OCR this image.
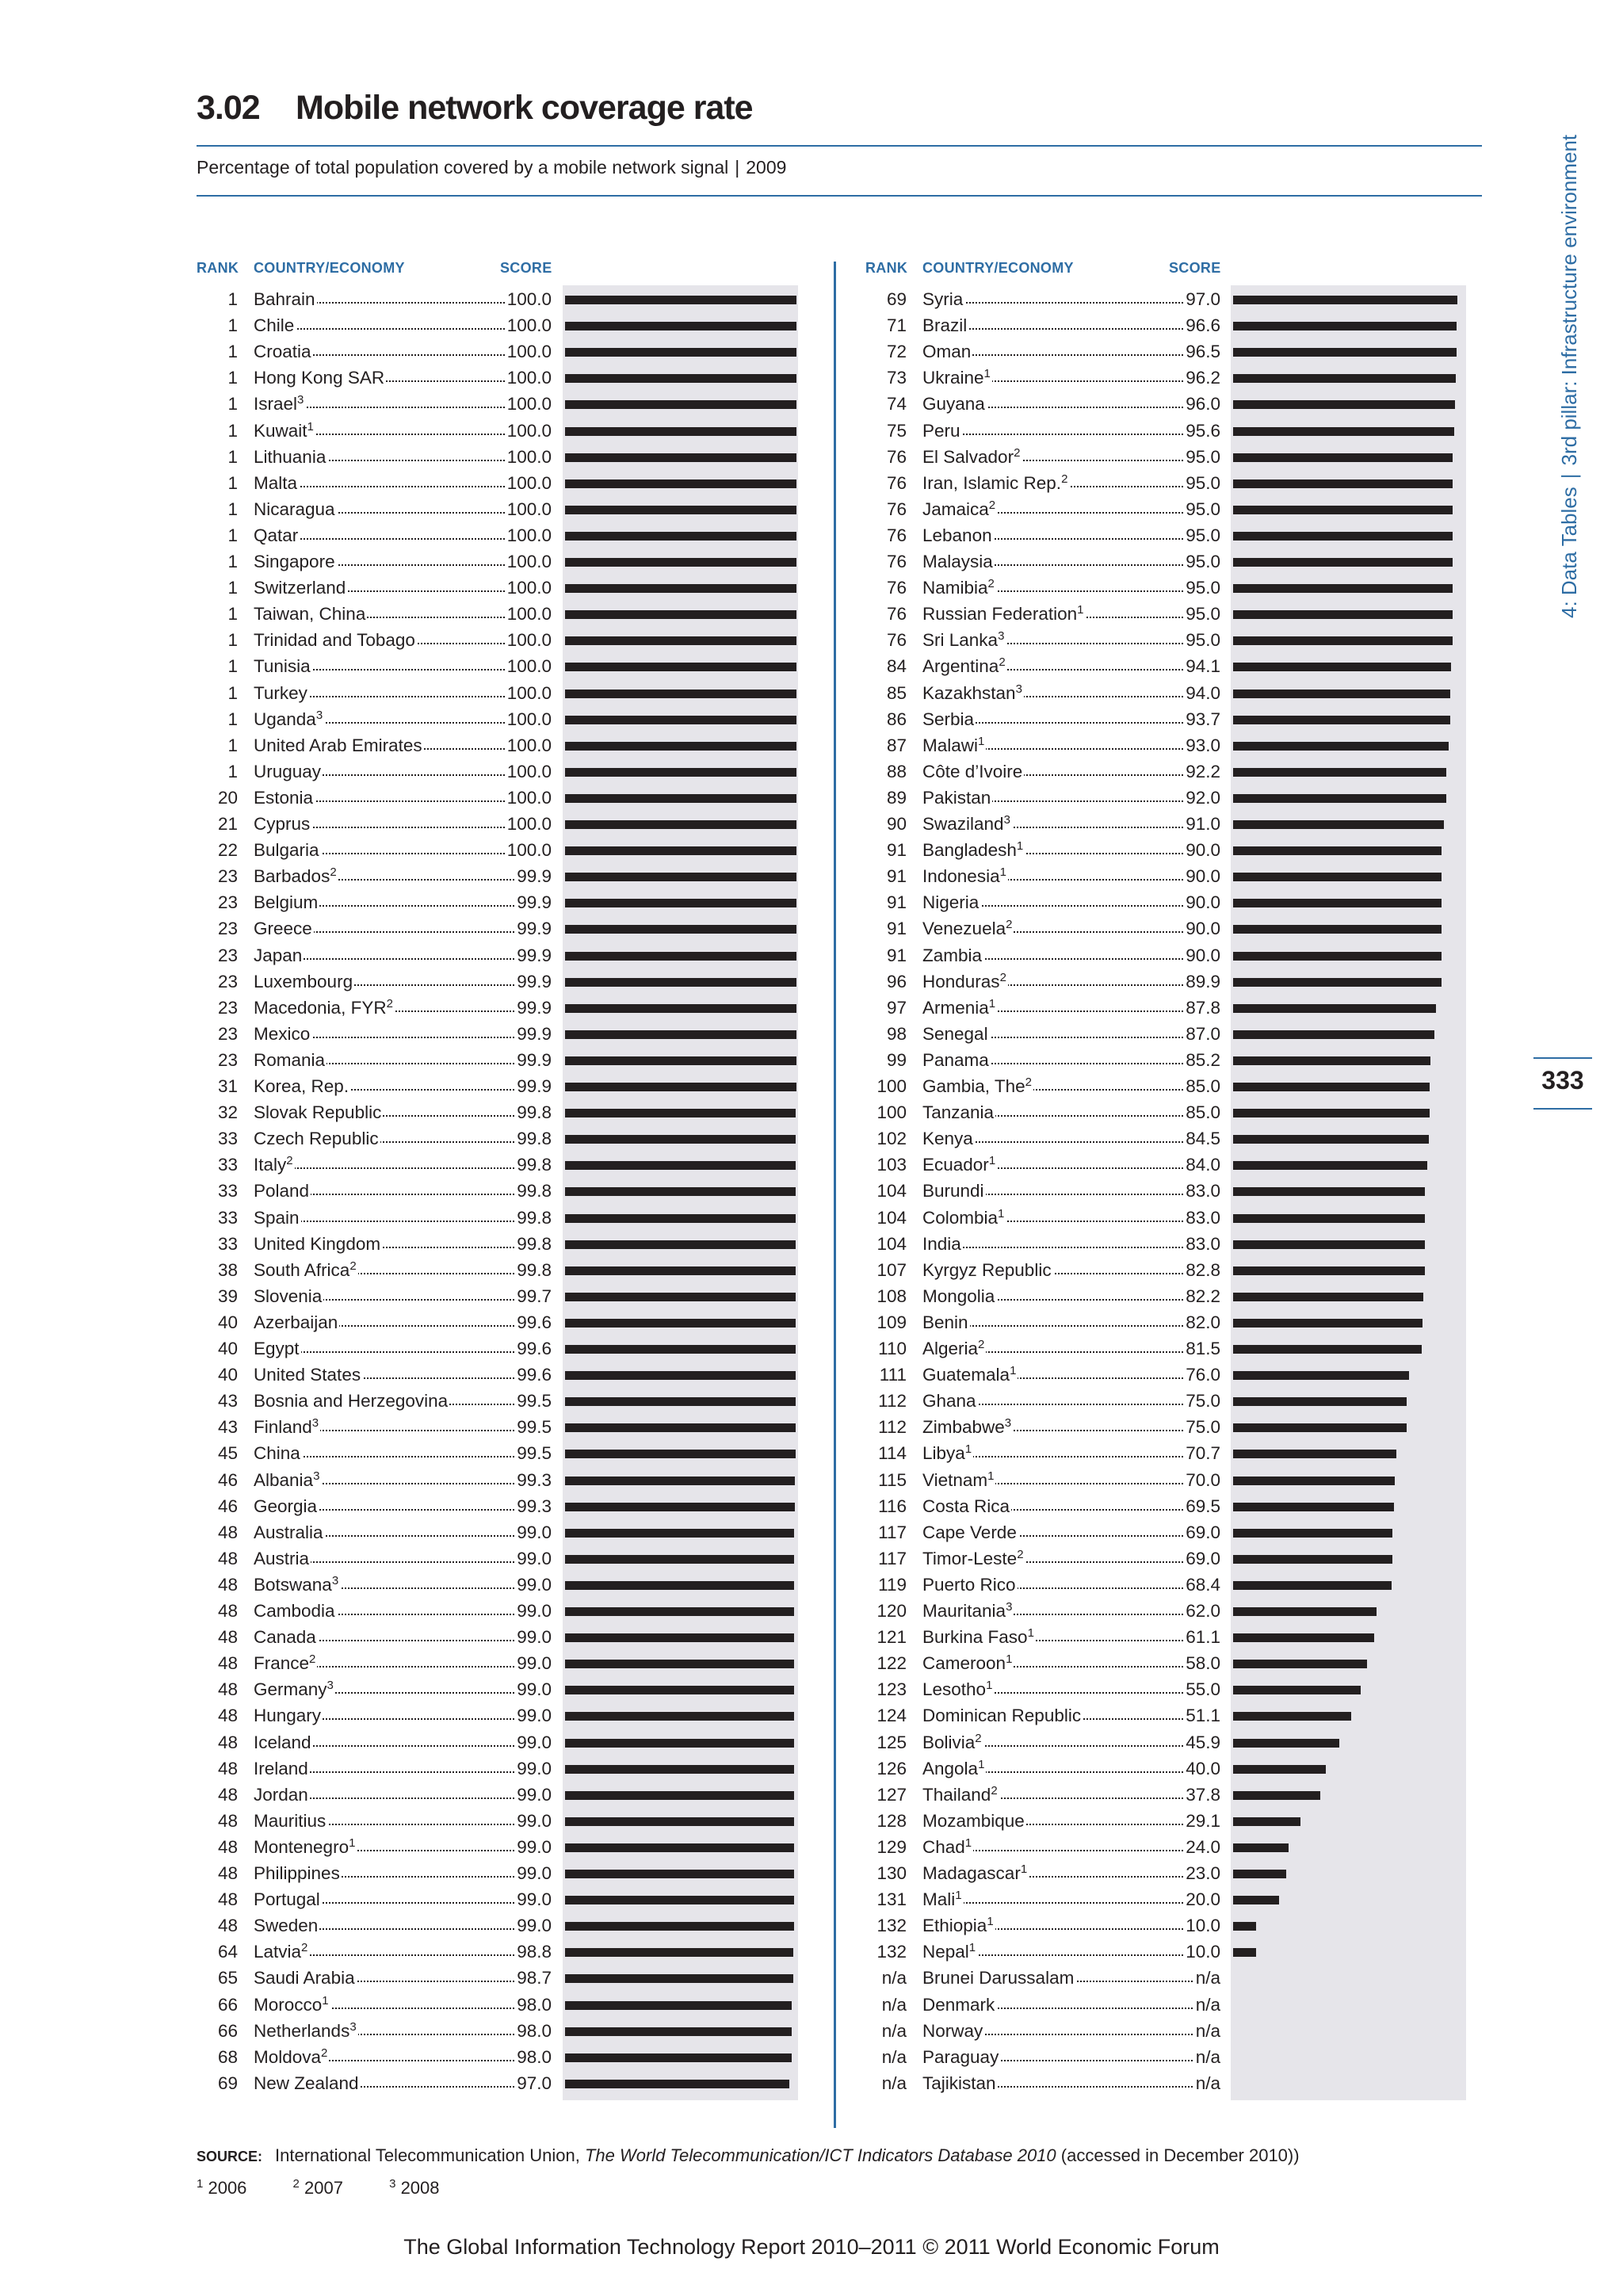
3.02 Mobile network coverage rate
Percentage of total population covered by a mobile network signal | 2009
RANK COUNTRY/ECONOMY	SCORE	RANK COUNTRY/ECONOMY	SCORE
1 Bahrain	100.0
1 Chile	100.0
1 Croatia	100.0
1 Hong Kong SAR	100.0
1 Israel$^3$	100.0
1 Kuwait$^1$	100.0
1 Lithuania	100.0
1 Malta	100.0
1 Nicaragua	100.0
1 Qatar	100.0
1 Singapore	100.0
1 Switzerland	100.0
1 Taiwan, China	100.0
1 Trinidad and Tobago	100.0
1 Tunisia	100.0
1 Turkey	100.0
1 Uganda$^3$	100.0
1 United Arab Emirates	100.0
1 Uruguay	100.0
20 Estonia	100.0
21 Cyprus	100.0
22 Bulgaria	100.0
23 Barbados$^2$	99.9
23 Belgium	99.9
23 Greece	99.9
23 Japan	99.9
23 Luxembourg	99.9
23 Macedonia, FYR$^2$	99.9
23 Mexico	99.9
23 Romania	99.9
31 Korea, Rep.	99.9
32 Slovak Republic	99.8
33 Czech Republic	99.8
33 Italy$^2$	99.8
33 Poland	99.8
33 Spain	99.8
33 United Kingdom	99.8
38 South Africa$^2$	99.8
39 Slovenia	99.7
40 Azerbaijan	99.6
40 Egypt	99.6
40 United States	99.6
43 Bosnia and Herzegovina	99.5
43 Finland$^3$	99.5
45 China	99.5
46 Albania$^3$	99.3
46 Georgia	99.3
48 Australia	99.0
48 Austria	99.0
48 Botswana$^3$	99.0
48 Cambodia	99.0
48 Canada	99.0
48 France$^2$	99.0
48 Germany$^3$	99.0
48 Hungary	99.0
48 Iceland	99.0
48 Ireland	99.0
48 Jordan	99.0
48 Mauritius	99.0
48 Montenegro$^1$	99.0
48 Philippines	99.0
48 Portugal	99.0
48 Sweden	99.0
64 Latvia$^2$	98.8
65 Saudi Arabia	98.7
66 Morocco$^1$	98.0
66 Netherlands$^3$	98.0
68 Moldova$^2$	98.0
69 New Zealand	97.0
69 Syria	97.0
71 Brazil	96.6
72 Oman	96.5
73 Ukraine$^1$	96.2
74 Guyana	96.0
75 Peru	95.6
76 El Salvador$^2$	95.0
76 Iran, Islamic Rep.$^2$	95.0
76 Jamaica$^2$	95.0
76 Lebanon	95.0
76 Malaysia	95.0
76 Namibia$^2$	95.0
76 Russian Federation$^1$	95.0
76 Sri Lanka$^3$	95.0
84 Argentina$^2$	94.1
85 Kazakhstan$^3$	94.0
86 Serbia	93.7
87 Malawi$^1$	93.0
88 Côte d’Ivoire	92.2
89 Pakistan	92.0
90 Swaziland$^3$	91.0
91 Bangladesh$^1$	90.0
91 Indonesia$^1$	90.0
91 Nigeria	90.0
91 Venezuela$^2$	90.0
91 Zambia	90.0
96 Honduras$^2$	89.9
97 Armenia$^1$	87.8
98 Senegal	87.0
99 Panama	85.2
100 Gambia, The$^2$	85.0
100 Tanzania	85.0
102 Kenya	84.5
103 Ecuador$^1$	84.0
104 Burundi	83.0
104 Colombia$^1$	83.0
104 India	83.0
107 Kyrgyz Republic	82.8
108 Mongolia	82.2
109 Benin	82.0
110 Algeria$^2$	81.5
111 Guatemala$^1$	76.0
112 Ghana	75.0
112 Zimbabwe$^3$	75.0
114 Libya$^1$	70.7
115 Vietnam$^1$	70.0
116 Costa Rica	69.5
117 Cape Verde	69.0
117 Timor-Leste$^2$	69.0
119 Puerto Rico	68.4
120 Mauritania$^3$	62.0
121 Burkina Faso$^1$	61.1
122 Cameroon$^1$	58.0
123 Lesotho$^1$	55.0
124 Dominican Republic	51.1
125 Bolivia$^2$	45.9
126 Angola$^1$	40.0
127 Thailand$^2$	37.8
128 Mozambique	29.1
129 Chad$^1$	24.0
130 Madagascar$^1$	23.0
131 Mali$^1$	20.0
132 Ethiopia$^1$	10.0
132 Nepal$^1$	10.0
n/a Brunei Darussalam	n/a
n/a Denmark	n/a
n/a Norway	n/a
n/a Paraguay	n/a
n/a Tajikistan	n/a
4: Data Tables|3rd pillar: Infrastructure environment
333
SOURCE: International Telecommunication Union, The World Telecommunication/ICT Indicators Database 2010 (accessed in December 2010))
$^1$ 2006	$^2$ 2007	$^3$ 2008
The Global Information Technology Report 2010–2011 © 2011 World Economic Forum
